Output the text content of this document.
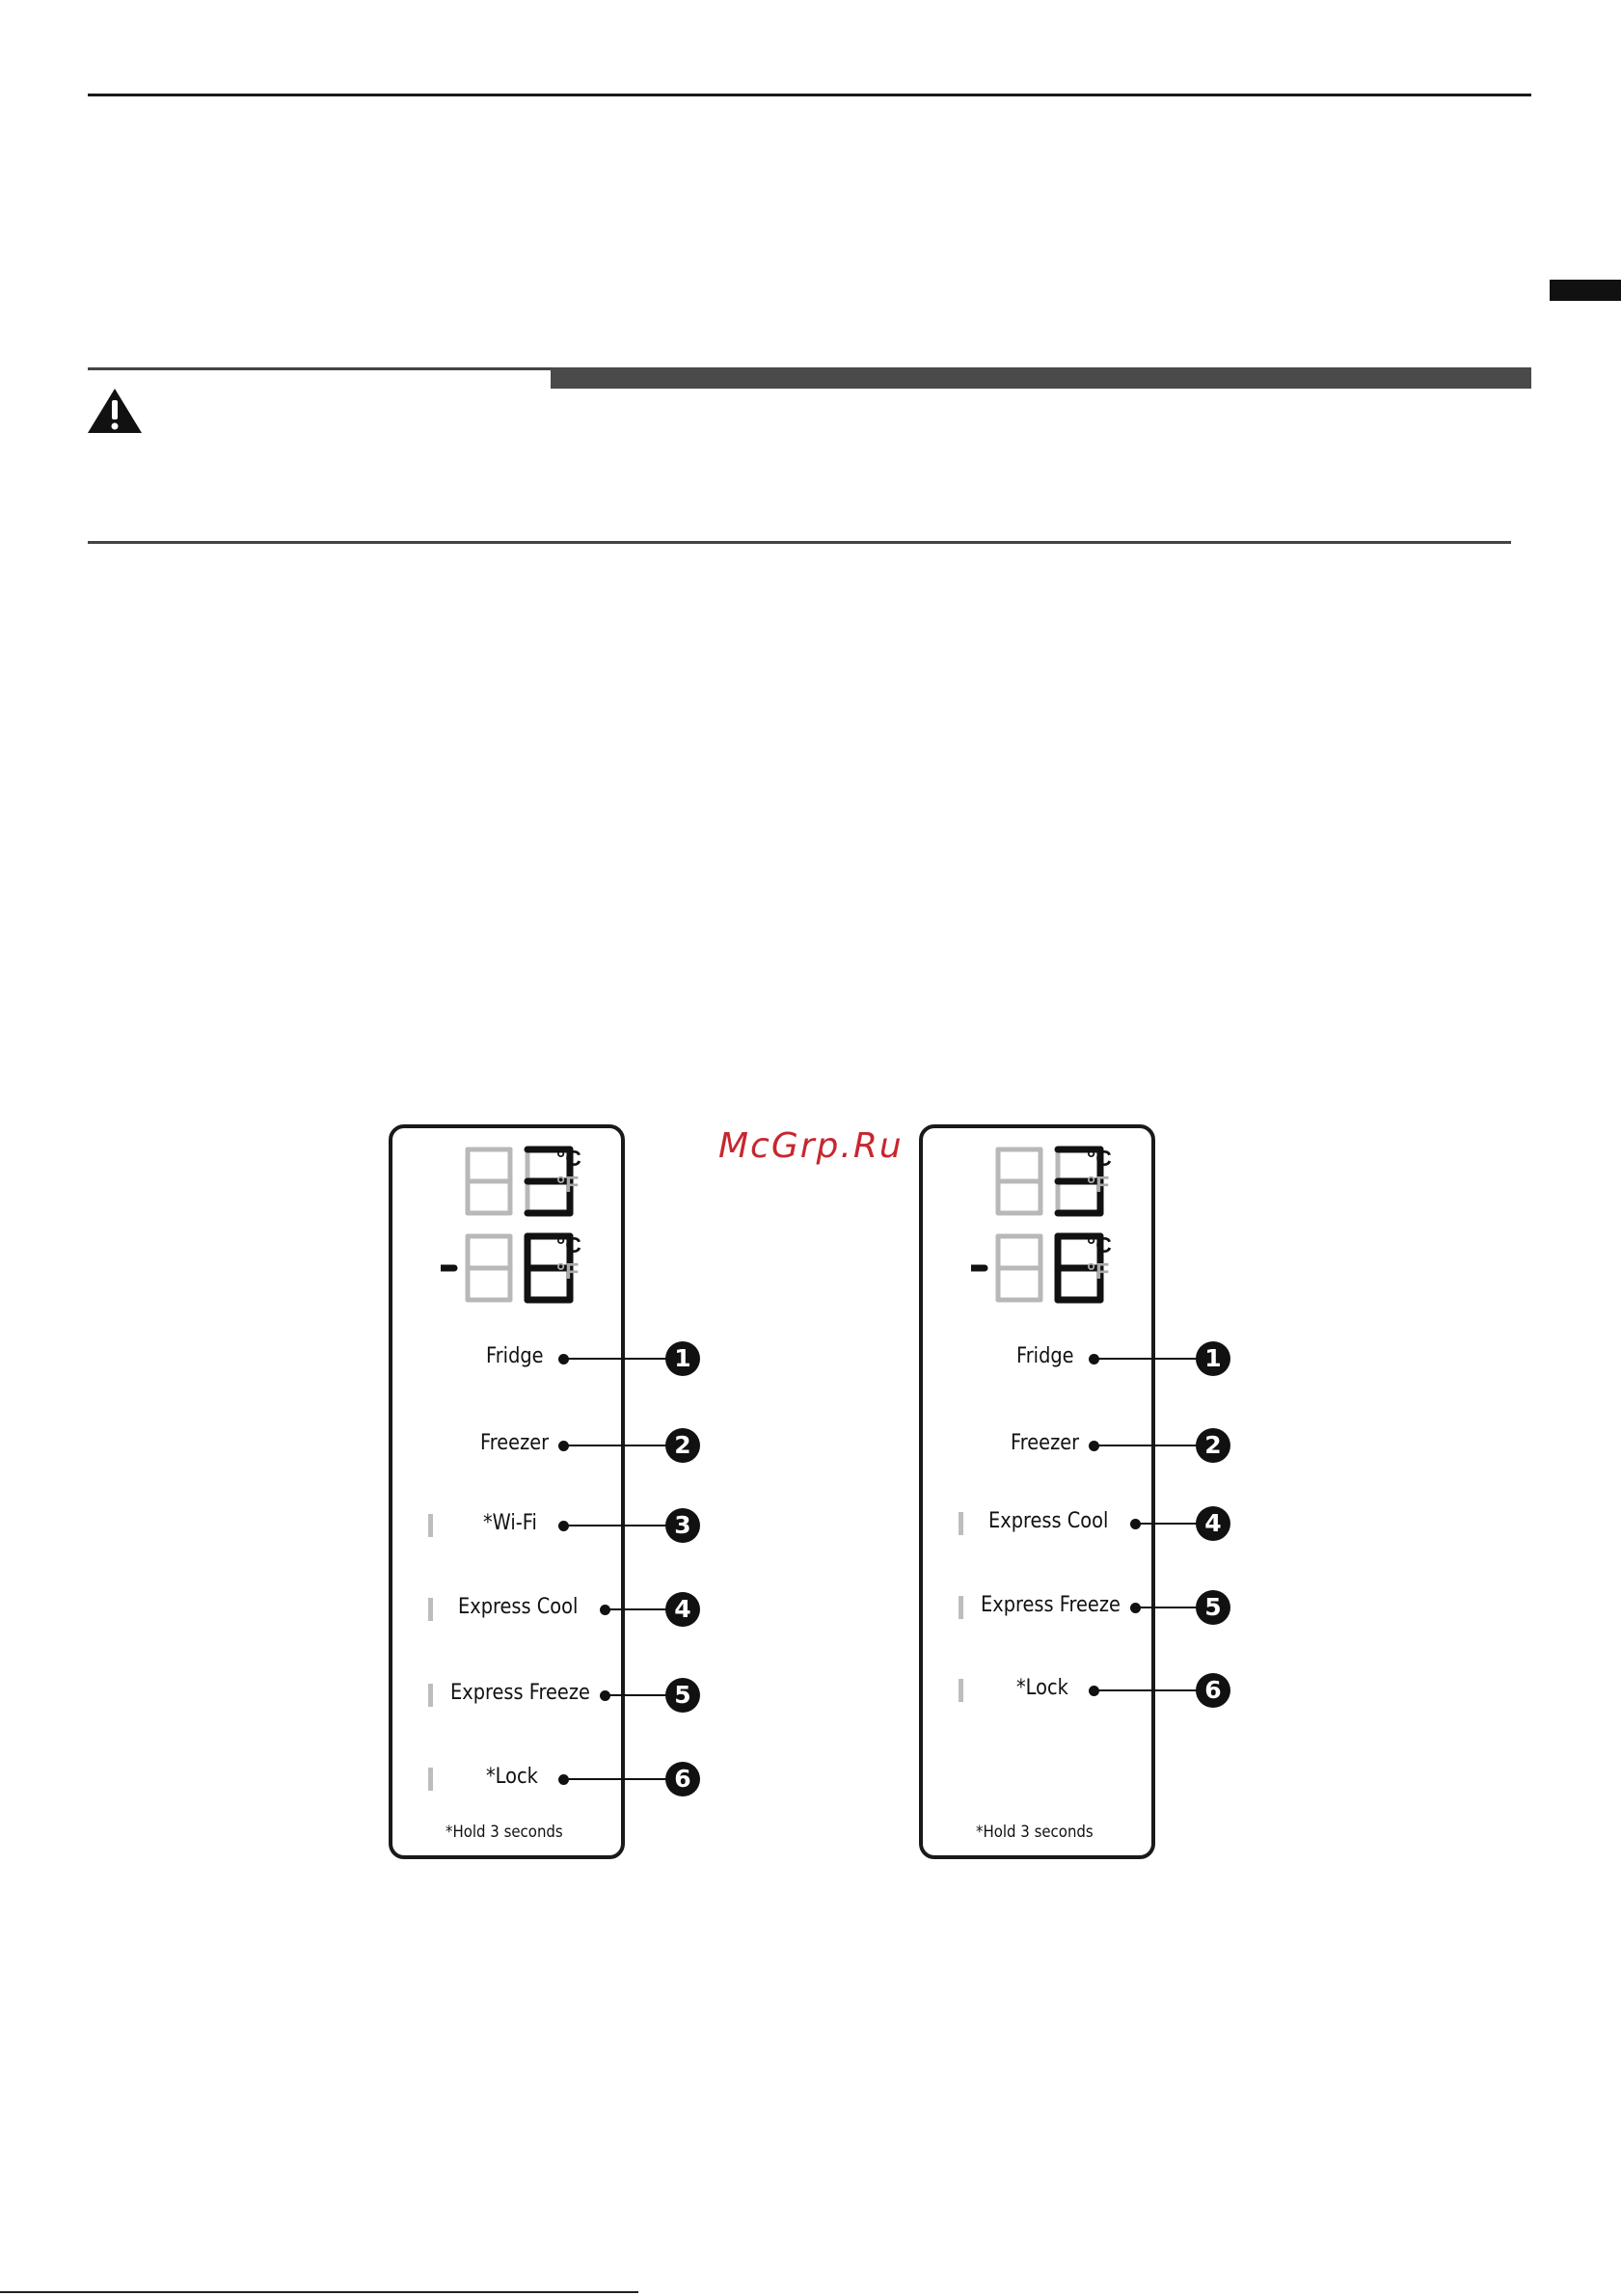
McGrp.Ru
°C
°F
°C
°F
Fridge	1
Freezer	2
*Wi-Fi	3
Express Cool	4
Express Freeze	5
*Lock	6
*Hold 3 seconds
°C
°F
°C
°F
Fridge	1
Freezer	2
Express Cool	4
Express Freeze	5
*Lock	6
*Hold 3 seconds
